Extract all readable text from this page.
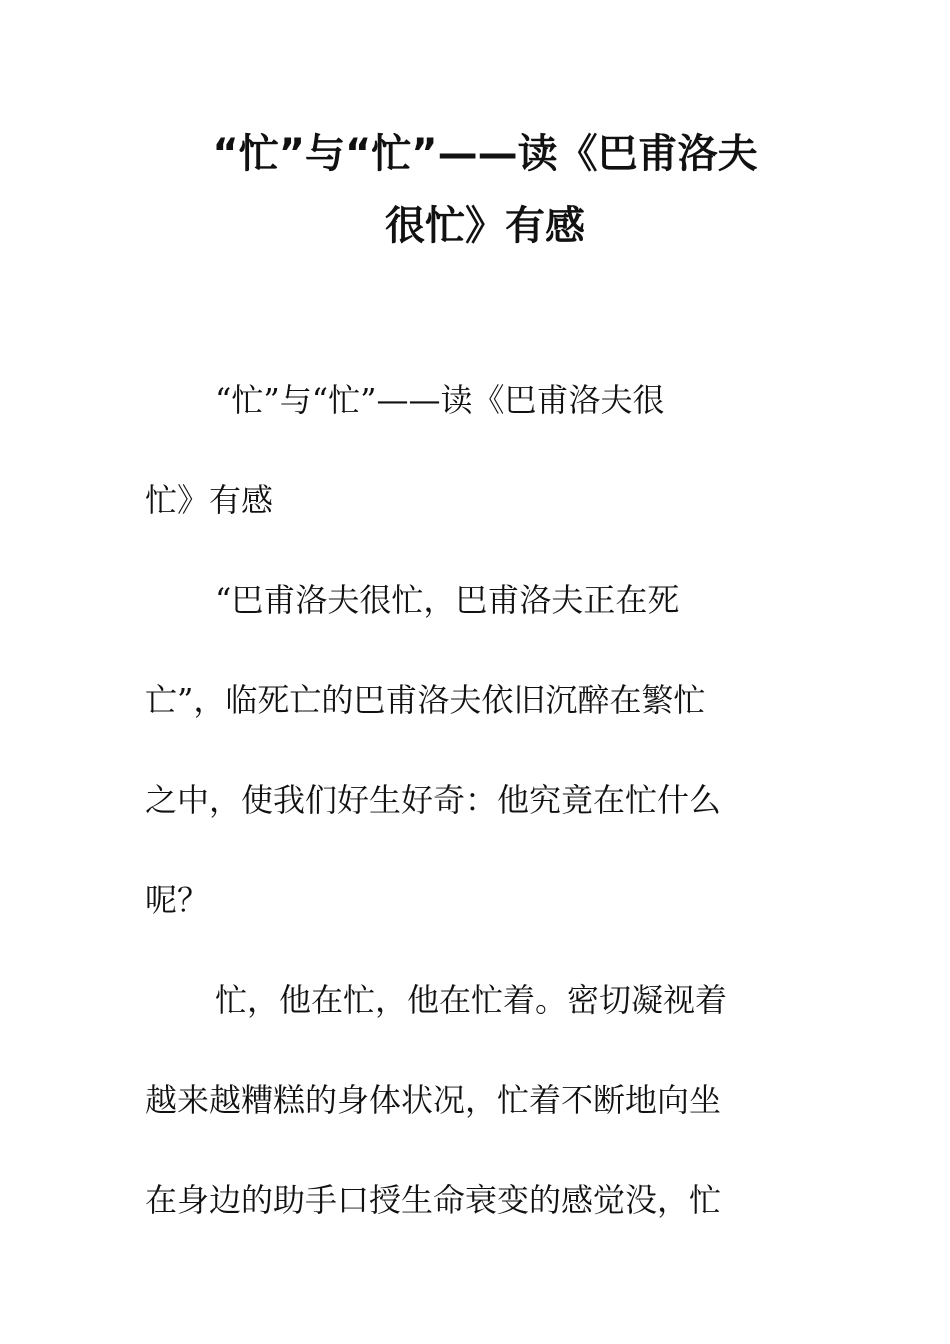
“忙”与“忙”——读《巴甫洛夫
很忙》有感
“忙”与“忙”——读《巴甫洛夫很
忙》有感
“巴甫洛夫很忙，巴甫洛夫正在死
亡”，临死亡的巴甫洛夫依旧沉醉在繁忙
之中，使我们好生好奇：他究竟在忙什么
呢？
忙，他在忙，他在忙着。密切凝视着
越来越糟糕的身体状况，忙着不断地向坐
在身边的助手口授生命衰变的感觉没，忙
